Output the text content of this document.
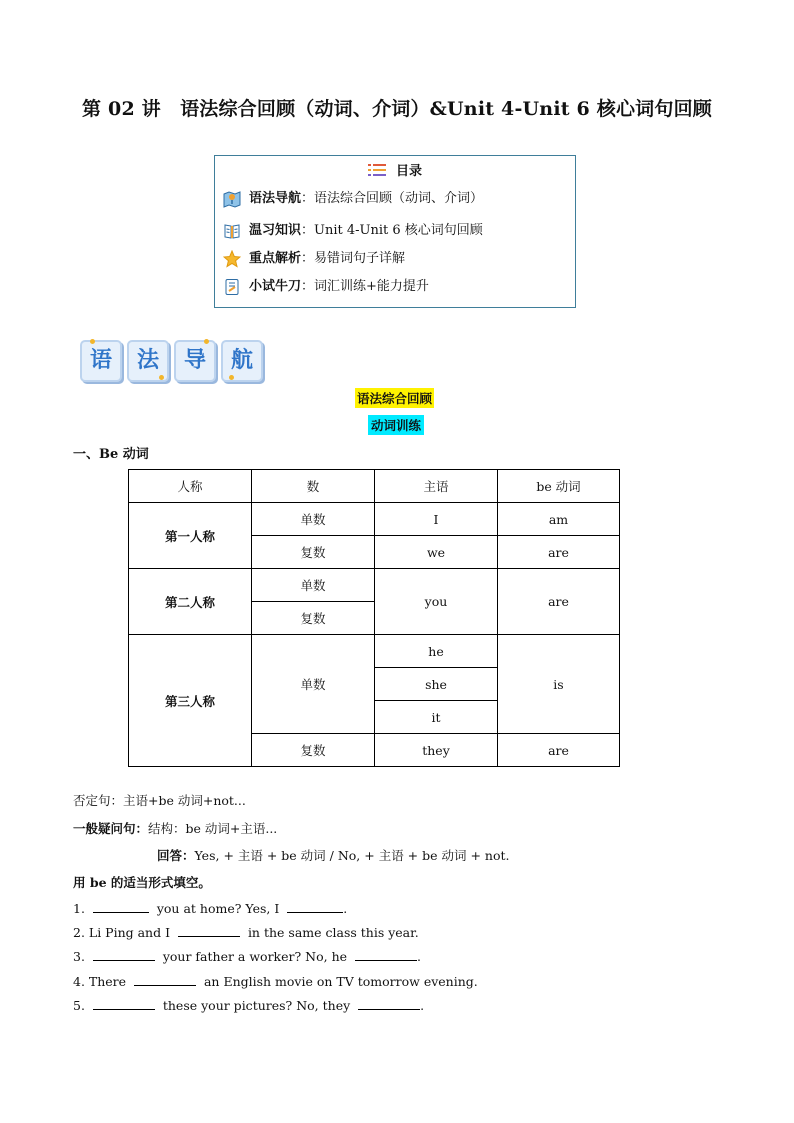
第 02 讲　语法综合回顾（动词、介词）&Unit 4-Unit 6 核心词句回顾
目录
语法导航：语法综合回顾（动词、介词）
温习知识：Unit 4-Unit 6 核心词句回顾
重点解析：易错词句子详解
小试牛刀：词汇训练+能力提升
语	法	导	航
语法综合回顾
动词训练
一、Be 动词
人称	数	主语	be 动词
第一人称	单数	I	am
	复数	we	are
第二人称	单数	you	are
	复数		
第三人称	单数	he	is
		she	
		it	
	复数	they	are
否定句：主语+be 动词+not...
一般疑问句：结构：be 动词+主语...
回答：Yes, + 主语 + be 动词 / No, + 主语 + be 动词 + not.
用 be 的适当形式填空。
1.	you at home? Yes, I	.
2. Li Ping and I	in the same class this year.
3.	your father a worker? No, he	.
4. There	an English movie on TV tomorrow evening.
5.	these your pictures? No, they	.
